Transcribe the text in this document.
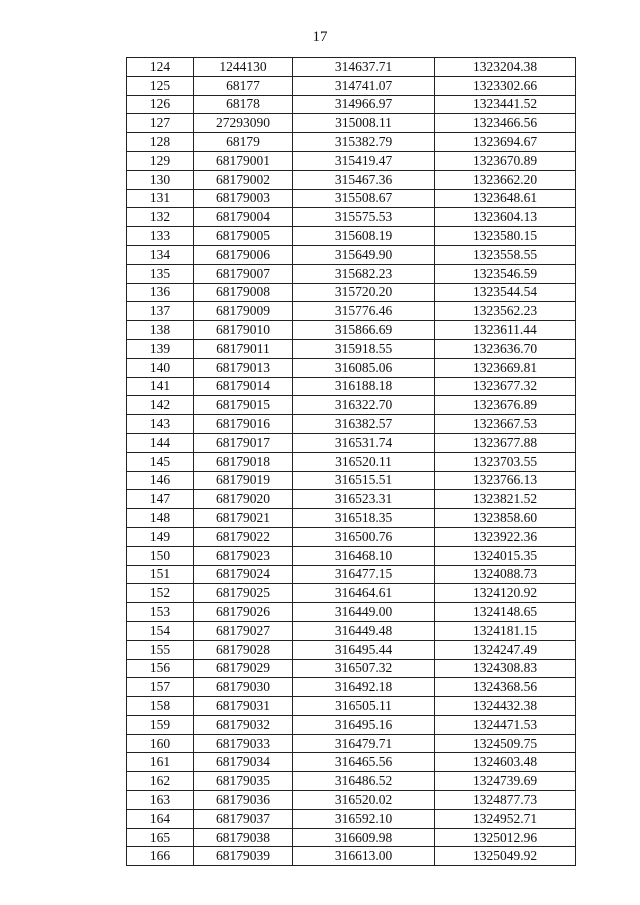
17
124	1244130	314637.71	1323204.38
125	68177	314741.07	1323302.66
126	68178	314966.97	1323441.52
127	27293090	315008.11	1323466.56
128	68179	315382.79	1323694.67
129	68179001	315419.47	1323670.89
130	68179002	315467.36	1323662.20
131	68179003	315508.67	1323648.61
132	68179004	315575.53	1323604.13
133	68179005	315608.19	1323580.15
134	68179006	315649.90	1323558.55
135	68179007	315682.23	1323546.59
136	68179008	315720.20	1323544.54
137	68179009	315776.46	1323562.23
138	68179010	315866.69	1323611.44
139	68179011	315918.55	1323636.70
140	68179013	316085.06	1323669.81
141	68179014	316188.18	1323677.32
142	68179015	316322.70	1323676.89
143	68179016	316382.57	1323667.53
144	68179017	316531.74	1323677.88
145	68179018	316520.11	1323703.55
146	68179019	316515.51	1323766.13
147	68179020	316523.31	1323821.52
148	68179021	316518.35	1323858.60
149	68179022	316500.76	1323922.36
150	68179023	316468.10	1324015.35
151	68179024	316477.15	1324088.73
152	68179025	316464.61	1324120.92
153	68179026	316449.00	1324148.65
154	68179027	316449.48	1324181.15
155	68179028	316495.44	1324247.49
156	68179029	316507.32	1324308.83
157	68179030	316492.18	1324368.56
158	68179031	316505.11	1324432.38
159	68179032	316495.16	1324471.53
160	68179033	316479.71	1324509.75
161	68179034	316465.56	1324603.48
162	68179035	316486.52	1324739.69
163	68179036	316520.02	1324877.73
164	68179037	316592.10	1324952.71
165	68179038	316609.98	1325012.96
166	68179039	316613.00	1325049.92
